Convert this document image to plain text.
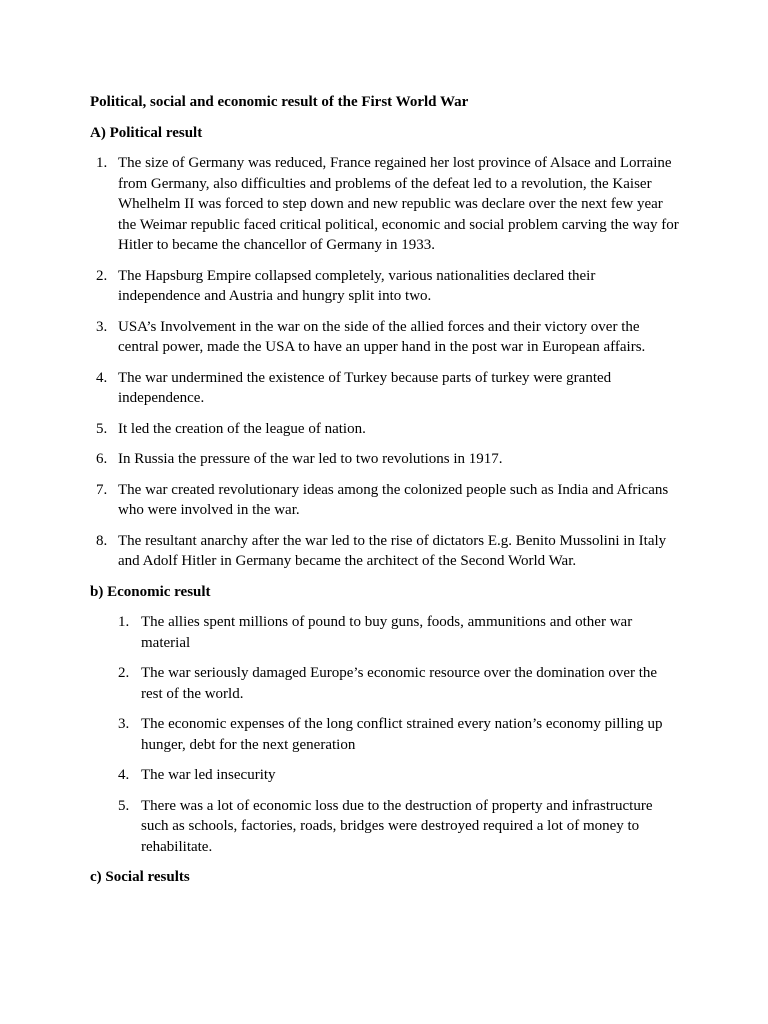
Political, social and economic result of the First World War
A) Political result
1. The size of Germany was reduced, France regained her lost province of Alsace and Lorraine from Germany, also difficulties and problems of the defeat led to a revolution, the Kaiser Whelhelm II was forced to step down and new republic was declare over the next few year the Weimar republic faced critical political, economic and social problem carving the way for Hitler to became the chancellor of Germany in 1933.
2. The Hapsburg Empire collapsed completely, various nationalities declared their independence and Austria and hungry split into two.
3. USA’s Involvement in the war on the side of the allied forces and their victory over the central power, made the USA to have an upper hand in the post war in European affairs.
4. The war undermined the existence of Turkey because parts of turkey were granted independence.
5. It led the creation of the league of nation.
6. In Russia the pressure of the war led to two revolutions in 1917.
7. The war created revolutionary ideas among the colonized people such as India and Africans who were involved in the war.
8. The resultant anarchy after the war led to the rise of dictators E.g. Benito Mussolini in Italy and Adolf Hitler in Germany became the architect of the Second World War.
b) Economic result
1. The allies spent millions of pound to buy guns, foods, ammunitions and other war material
2. The war seriously damaged Europe’s economic resource over the domination over the rest of the world.
3. The economic expenses of the long conflict strained every nation’s economy pilling up hunger, debt for the next generation
4. The war led insecurity
5. There was a lot of economic loss due to the destruction of property and infrastructure such as schools, factories, roads, bridges were destroyed required a lot of money to rehabilitate.
c) Social results
